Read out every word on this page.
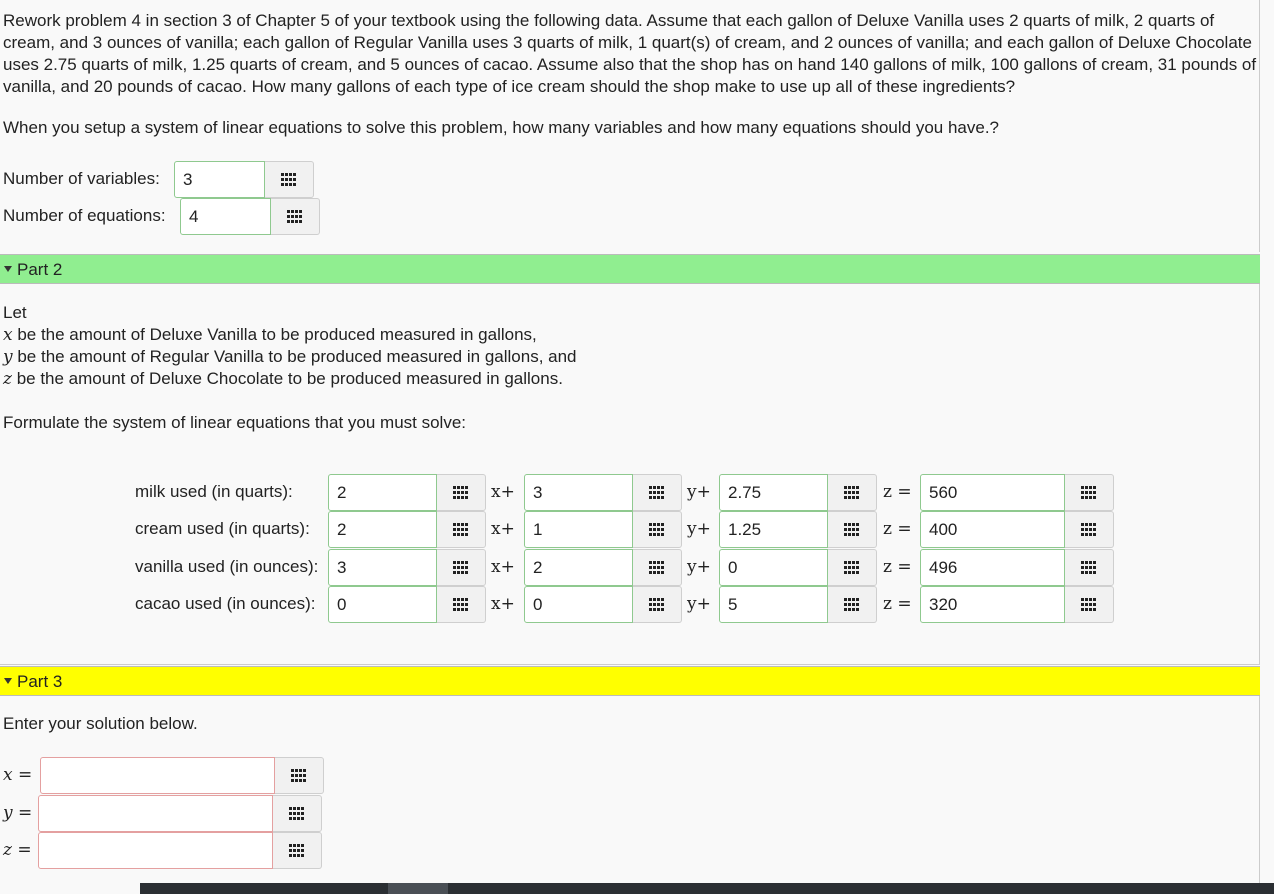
Rework problem 4 in section 3 of Chapter 5 of your textbook using the following data. Assume that each gallon of Deluxe Vanilla uses 2 quarts of milk, 2 quarts of cream, and 3 ounces of vanilla; each gallon of Regular Vanilla uses 3 quarts of milk, 1 quart(s) of cream, and 2 ounces of vanilla; and each gallon of Deluxe Chocolate uses 2.75 quarts of milk, 1.25 quarts of cream, and 5 ounces of cacao. Assume also that the shop has on hand 140 gallons of milk, 100 gallons of cream, 31 pounds of vanilla, and 20 pounds of cacao. How many gallons of each type of ice cream should the shop make to use up all of these ingredients?
When you setup a system of linear equations to solve this problem, how many variables and how many equations should you have.?
Number of variables:	3
Number of equations:	4
Part 2
Let
x be the amount of Deluxe Vanilla to be produced measured in gallons,
y be the amount of Regular Vanilla to be produced measured in gallons, and
z be the amount of Deluxe Chocolate to be produced measured in gallons.
Formulate the system of linear equations that you must solve:
milk used (in quarts):	2	x+	3	y+	2.75	z =	560
cream used (in quarts):	2	x+	1	y+	1.25	z =	400
vanilla used (in ounces):	3	x+	2	y+	0	z =	496
cacao used (in ounces):	0	x+	0	y+	5	z =	320
Part 3
Enter your solution below.
x =
y =
z =
